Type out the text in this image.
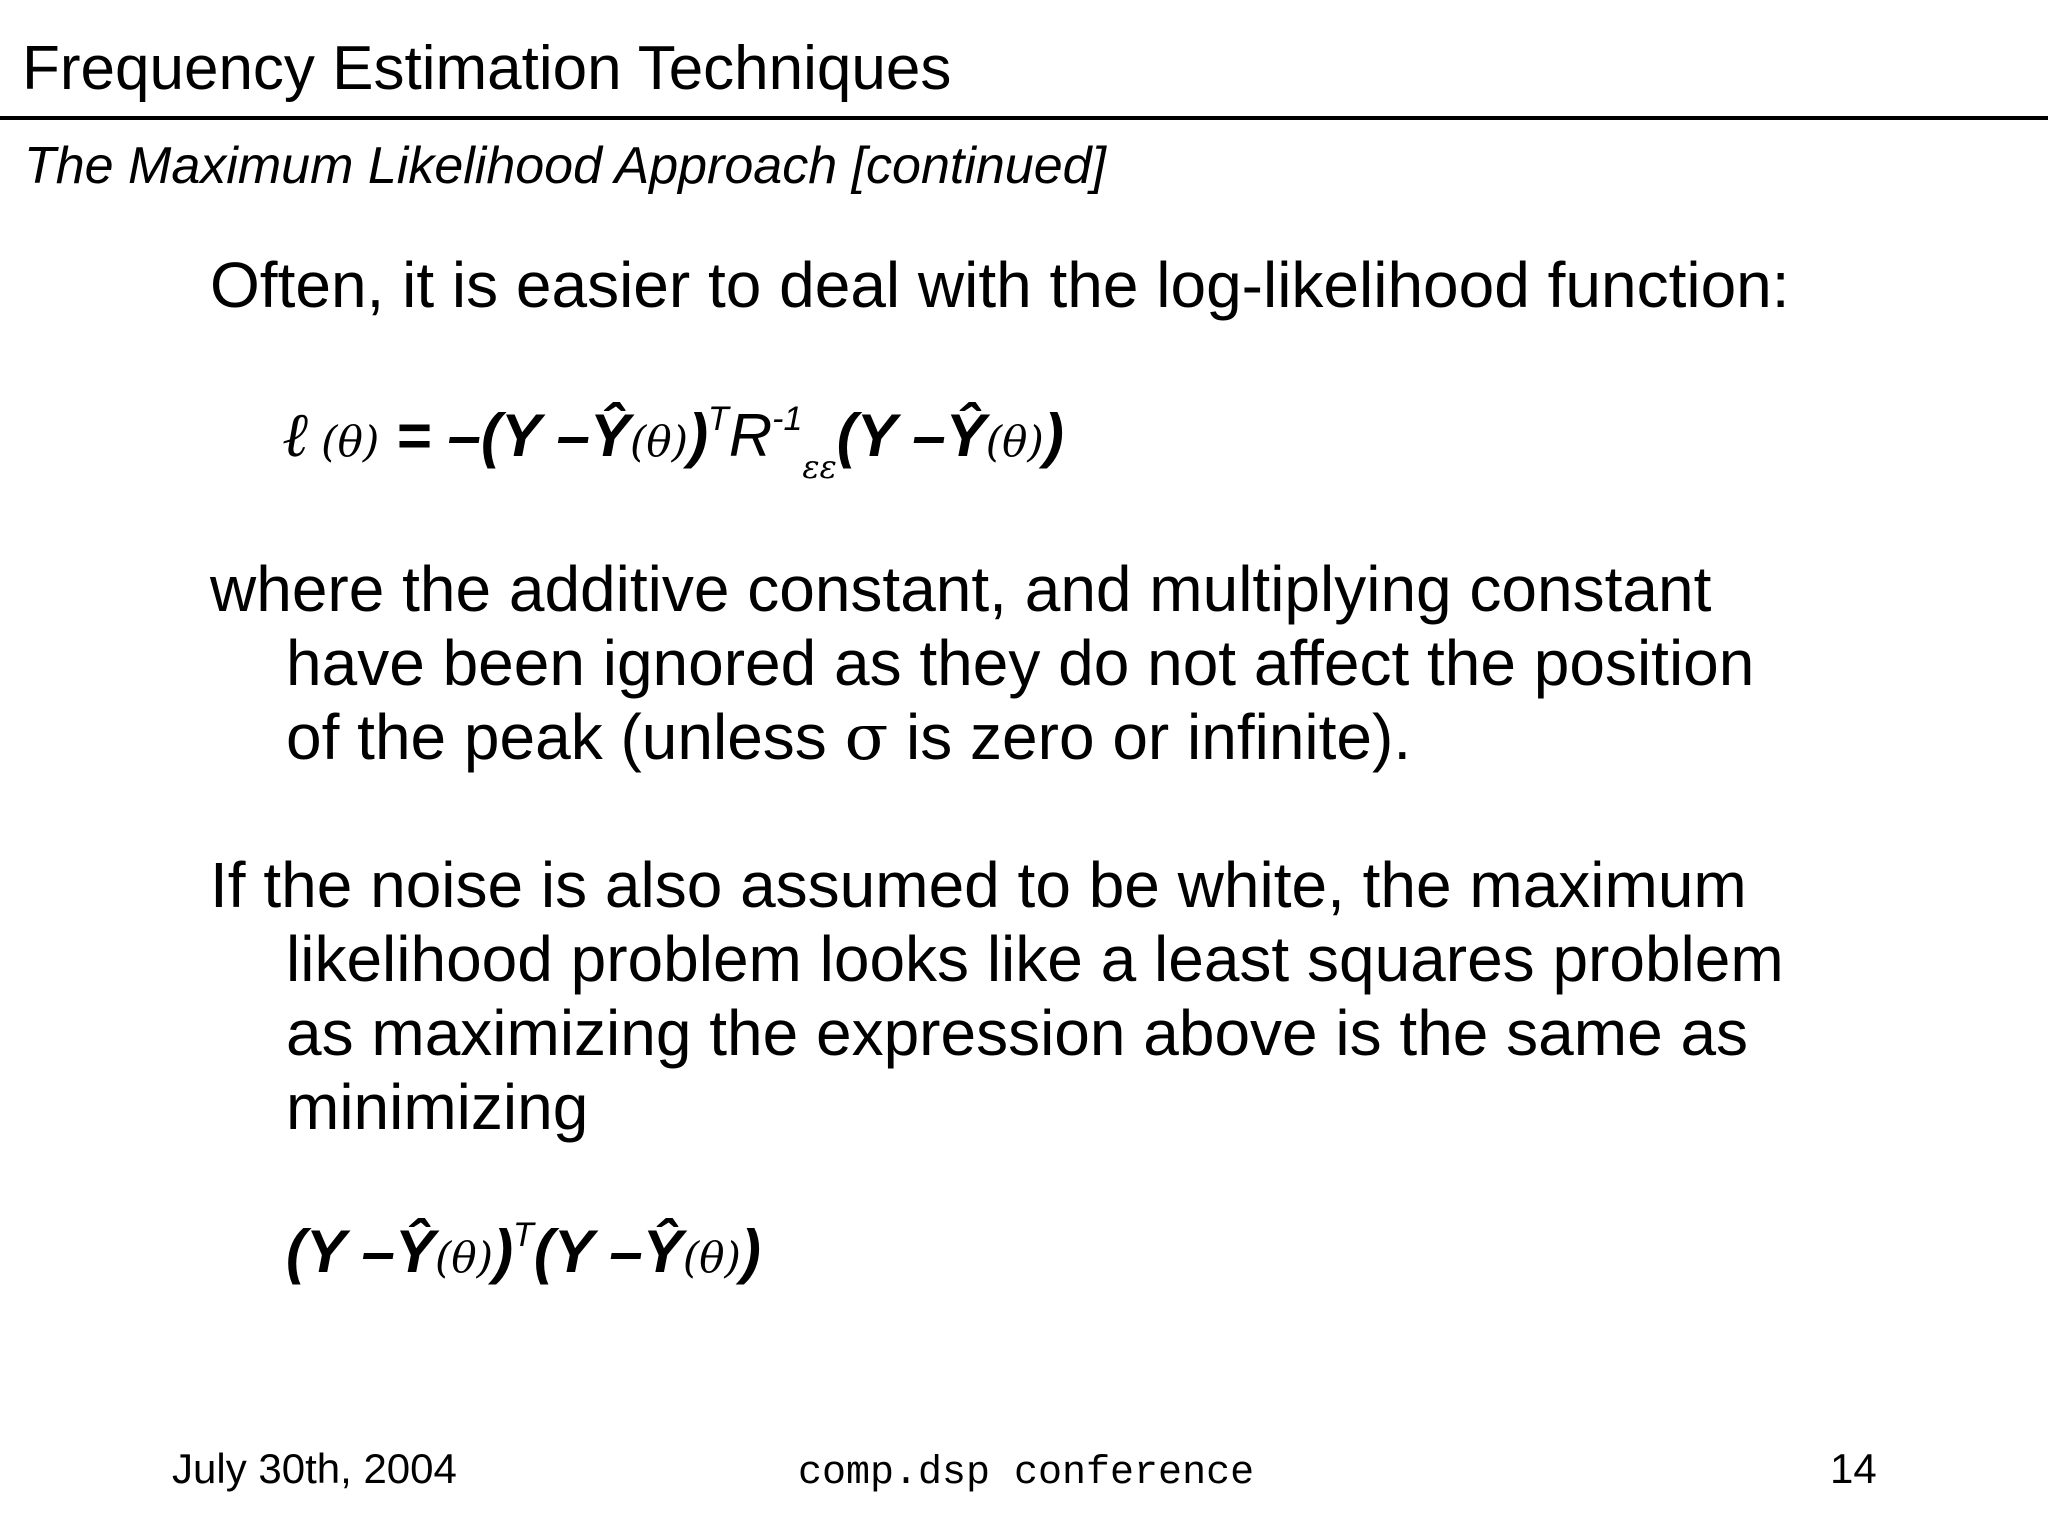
Frequency Estimation Techniques
The Maximum Likelihood Approach [continued]
Often, it is easier to deal with the log-likelihood function:
ℓ (θ) = –(Y $-Ŷ(\theta))^TR^{-1}_{\varepsilon\varepsilon}(Y$ –Ŷ(θ))
where the additive constant, and multiplying constant
have been ignored as they do not affect the position
of the peak (unless σ is zero or infinite).
If the noise is also assumed to be white, the maximum
likelihood problem looks like a least squares problem
as maximizing the expression above is the same as
minimizing
(Y –Ŷ(θ))$^T$(Y –Ŷ(θ))
July 30th, 2004	comp.dsp conference	14
